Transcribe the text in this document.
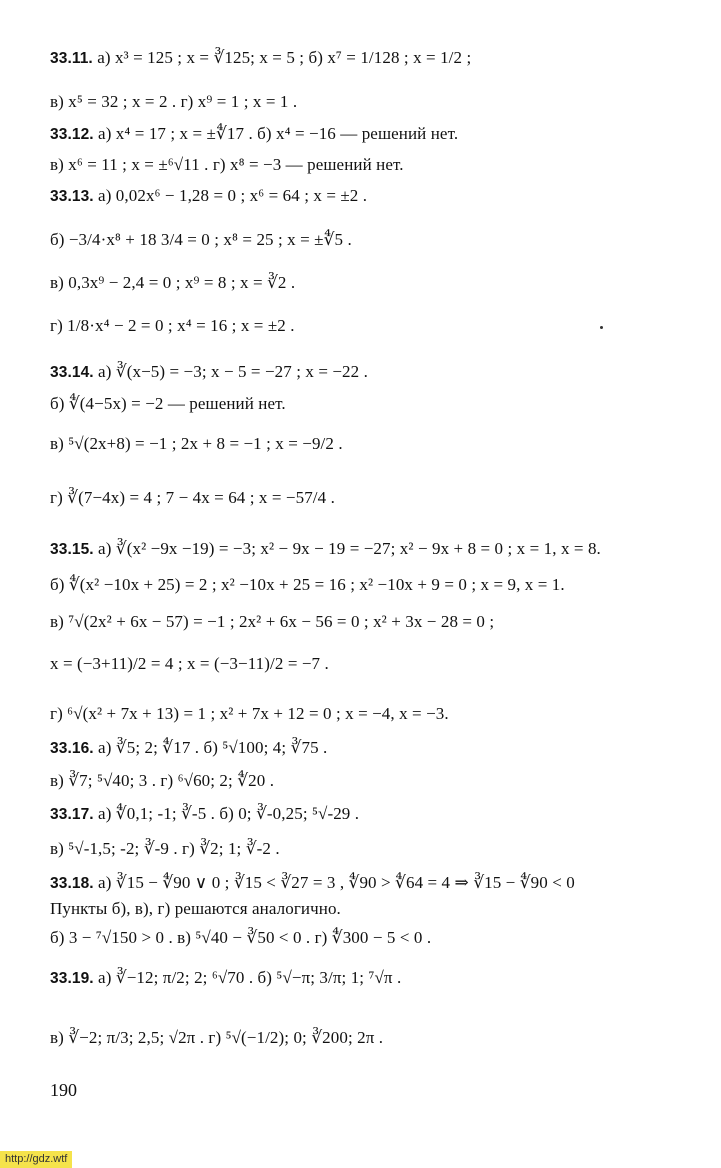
33.11. а) x³ = 125 ; x = ∛125; x = 5 ; б) x⁷ = 1/128 ; x = 1/2 ;
в) x⁵ = 32 ; x = 2 . г) x⁹ = 1 ; x = 1 .
33.12. а) x⁴ = 17 ; x = ±∜17 . б) x⁴ = −16 — решений нет.
в) x⁶ = 11 ; x = ±⁶√11 . г) x⁸ = −3 — решений нет.
33.13. а) 0,02x⁶ − 1,28 = 0 ; x⁶ = 64 ; x = ±2 .
б) −3/4·x⁸ + 18 3/4 = 0 ; x⁸ = 25 ; x = ±∜5 .
в) 0,3x⁹ − 2,4 = 0 ; x⁹ = 8 ; x = ∛2 .
г) 1/8·x⁴ − 2 = 0 ; x⁴ = 16 ; x = ±2 .
33.14. а) ∛(x−5) = −3; x − 5 = −27 ; x = −22 .
б) ∜(4−5x) = −2 — решений нет.
в) ⁵√(2x+8) = −1 ; 2x + 8 = −1 ; x = −9/2 .
г) ∛(7−4x) = 4 ; 7 − 4x = 64 ; x = −57/4 .
33.15. а) ∛(x² −9x −19) = −3; x² − 9x − 19 = −27; x² − 9x + 8 = 0 ; x = 1, x = 8.
б) ∜(x² −10x + 25) = 2 ; x² −10x + 25 = 16 ; x² −10x + 9 = 0 ; x = 9, x = 1.
в) ⁷√(2x² + 6x − 57) = −1 ; 2x² + 6x − 56 = 0 ; x² + 3x − 28 = 0 ;
x = (−3+11)/2 = 4 ; x = (−3−11)/2 = −7 .
г) ⁶√(x² + 7x + 13) = 1 ; x² + 7x + 12 = 0 ; x = −4, x = −3.
33.16. а) ∛5; 2; ∜17 . б) ⁵√100; 4; ∛75 .
в) ∛7; ⁵√40; 3 . г) ⁶√60; 2; ∜20 .
33.17. а) ∜0,1; -1; ∛-5 . б) 0; ∛-0,25; ⁵√-29 .
в) ⁵√-1,5; -2; ∛-9 . г) ∛2; 1; ∛-2 .
33.18. а) ∛15 − ∜90 ∨ 0 ; ∛15 < ∛27 = 3 , ∜90 > ∜64 = 4 ⇒ ∛15 − ∜90 < 0
Пункты б), в), г) решаются аналогично.
б) 3 − ⁷√150 > 0 . в) ⁵√40 − ∛50 < 0 . г) ∜300 − 5 < 0 .
33.19. а) ∛−12; π/2; 2; ⁶√70 . б) ⁵√−π; 3/π; 1; ⁷√π .
в) ∛−2; π/3; 2,5; √2π . г) ⁵√(−1/2); 0; ∛200; 2π .
190
http://gdz.wtf
